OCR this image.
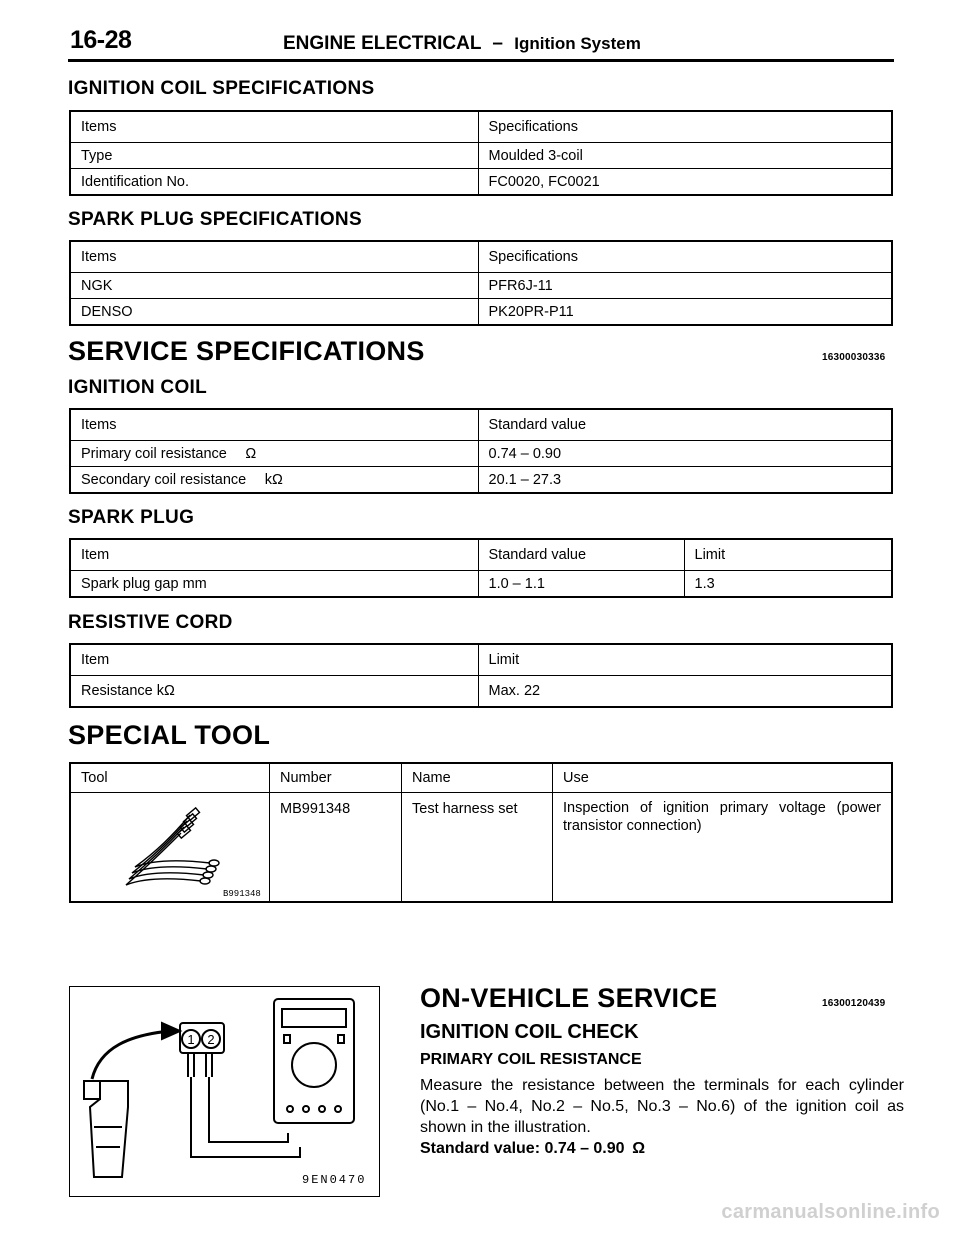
16-28	ENGINE ELECTRICAL – Ignition System
IGNITION COIL SPECIFICATIONS
Items	Specifications
Type	Moulded 3-coil
Identification No.	FC0020, FC0021
SPARK PLUG SPECIFICATIONS
Items	Specifications
NGK	PFR6J-11
DENSO	PK20PR-P11
SERVICE SPECIFICATIONS	16300030336
IGNITION COIL
Items	Standard value
Primary coil resistance  Ω	0.74 – 0.90
Secondary coil resistance  kΩ	20.1 – 27.3
SPARK PLUG
Item	Standard value	Limit
Spark plug gap mm	1.0 – 1.1	1.3
RESISTIVE CORD
Item	Limit
Resistance kΩ	Max. 22
SPECIAL TOOL
Tool	Number	Name	Use

B991348	MB991348	Test harness set	Inspection of ignition primary voltage (power transistor connection)
1 2
9EN0470
ON-VEHICLE SERVICE	16300120439
IGNITION COIL CHECK
PRIMARY COIL RESISTANCE
Measure the resistance between the terminals for each cylinder (No.1 – No.4, No.2 – No.5, No.3 – No.6) of the ignition coil as shown in the illustration.
Standard value: 0.74 – 0.90  Ω
carmanualsonline.info
